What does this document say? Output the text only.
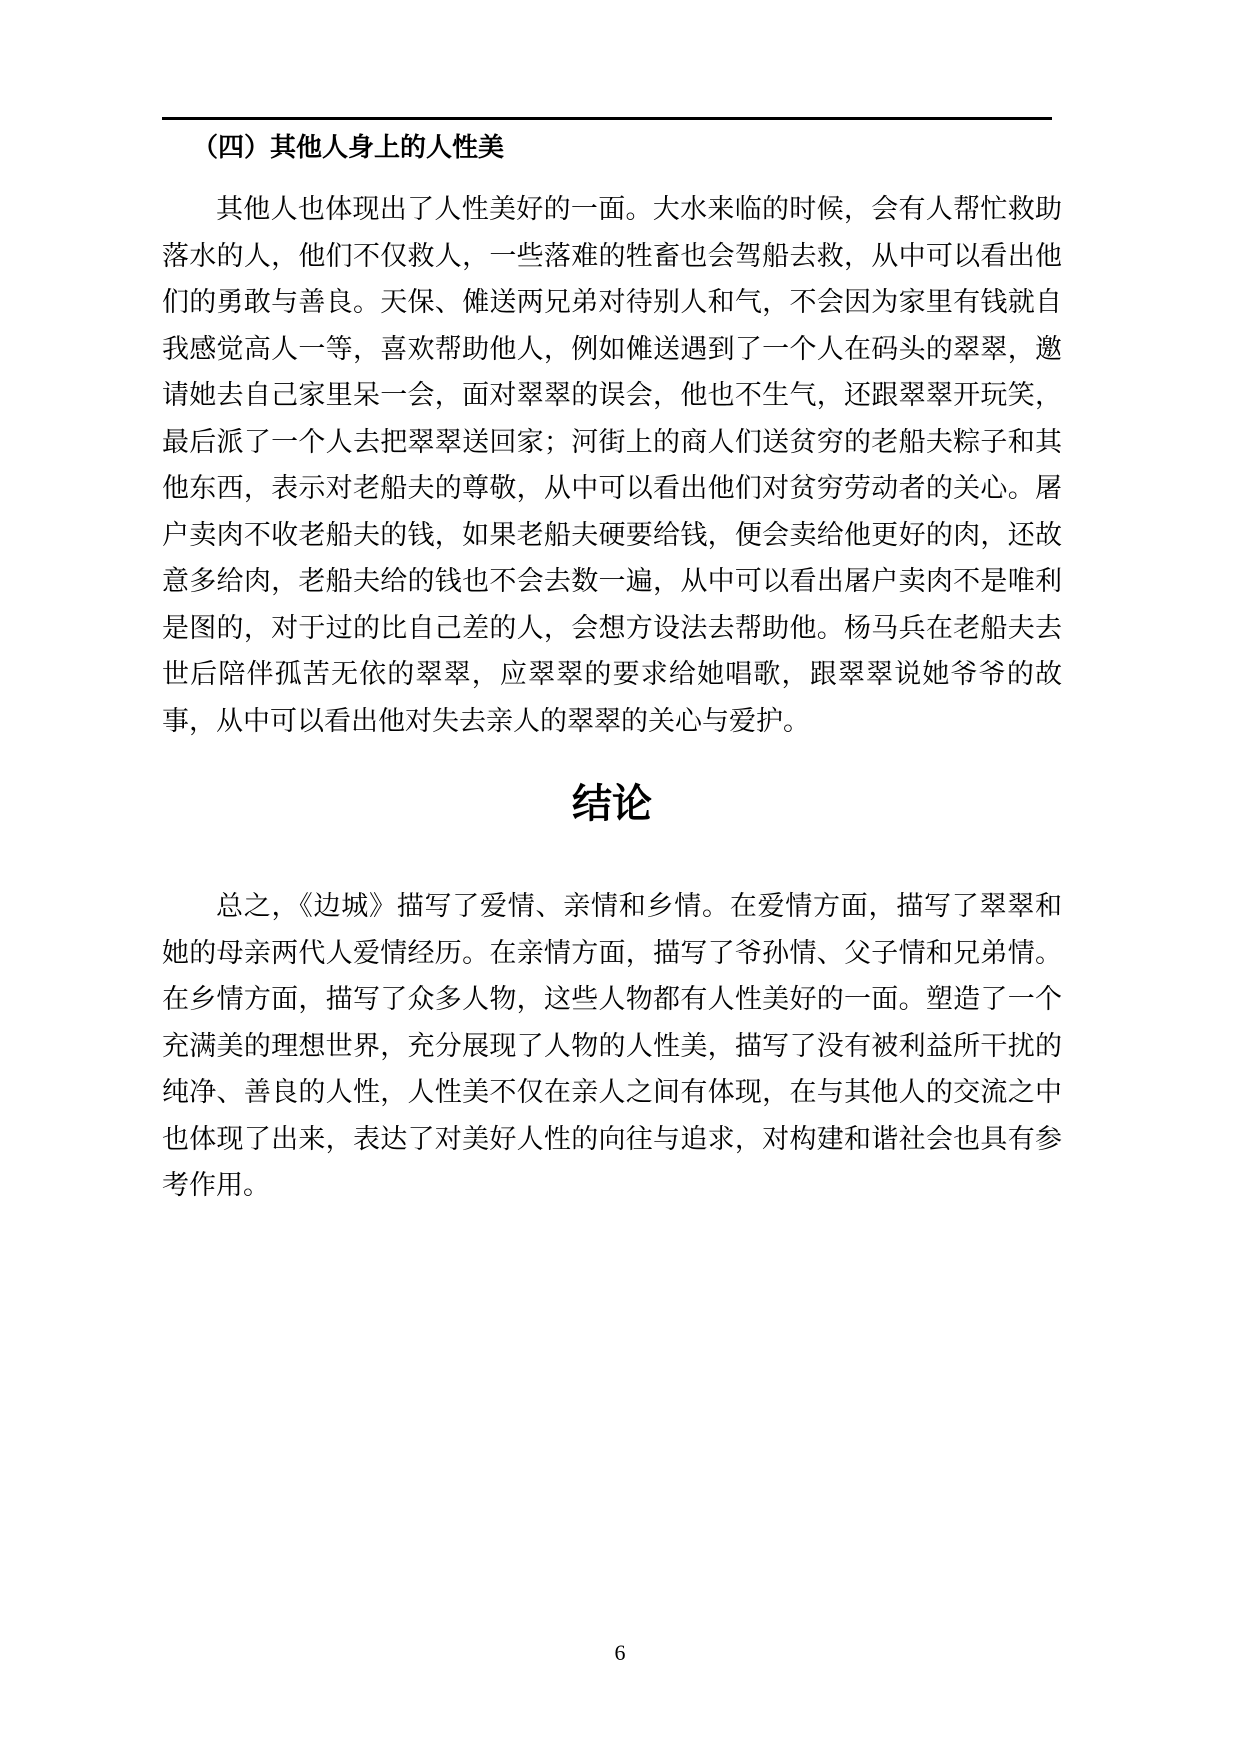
（四）其他人身上的人性美

其他人也体现出了人性美好的一面。大水来临的时候，会有人帮忙救助落水的人，他们不仅救人，一些落难的牲畜也会驾船去救，从中可以看出他们的勇敢与善良。天保、傩送两兄弟对待别人和气，不会因为家里有钱就自我感觉高人一等，喜欢帮助他人，例如傩送遇到了一个人在码头的翠翠，邀请她去自己家里呆一会，面对翠翠的误会，他也不生气，还跟翠翠开玩笑，最后派了一个人去把翠翠送回家；河街上的商人们送贫穷的老船夫粽子和其他东西，表示对老船夫的尊敬，从中可以看出他们对贫穷劳动者的关心。屠户卖肉不收老船夫的钱，如果老船夫硬要给钱，便会卖给他更好的肉，还故意多给肉，老船夫给的钱也不会去数一遍，从中可以看出屠户卖肉不是唯利是图的，对于过的比自己差的人，会想方设法去帮助他。杨马兵在老船夫去世后陪伴孤苦无依的翠翠，应翠翠的要求给她唱歌，跟翠翠说她爷爷的故事，从中可以看出他对失去亲人的翠翠的关心与爱护。

结论

总之，《边城》描写了爱情、亲情和乡情。在爱情方面，描写了翠翠和她的母亲两代人爱情经历。在亲情方面，描写了爷孙情、父子情和兄弟情。在乡情方面，描写了众多人物，这些人物都有人性美好的一面。塑造了一个充满美的理想世界，充分展现了人物的人性美，描写了没有被利益所干扰的纯净、善良的人性，人性美不仅在亲人之间有体现，在与其他人的交流之中也体现了出来，表达了对美好人性的向往与追求，对构建和谐社会也具有参考作用。

6
